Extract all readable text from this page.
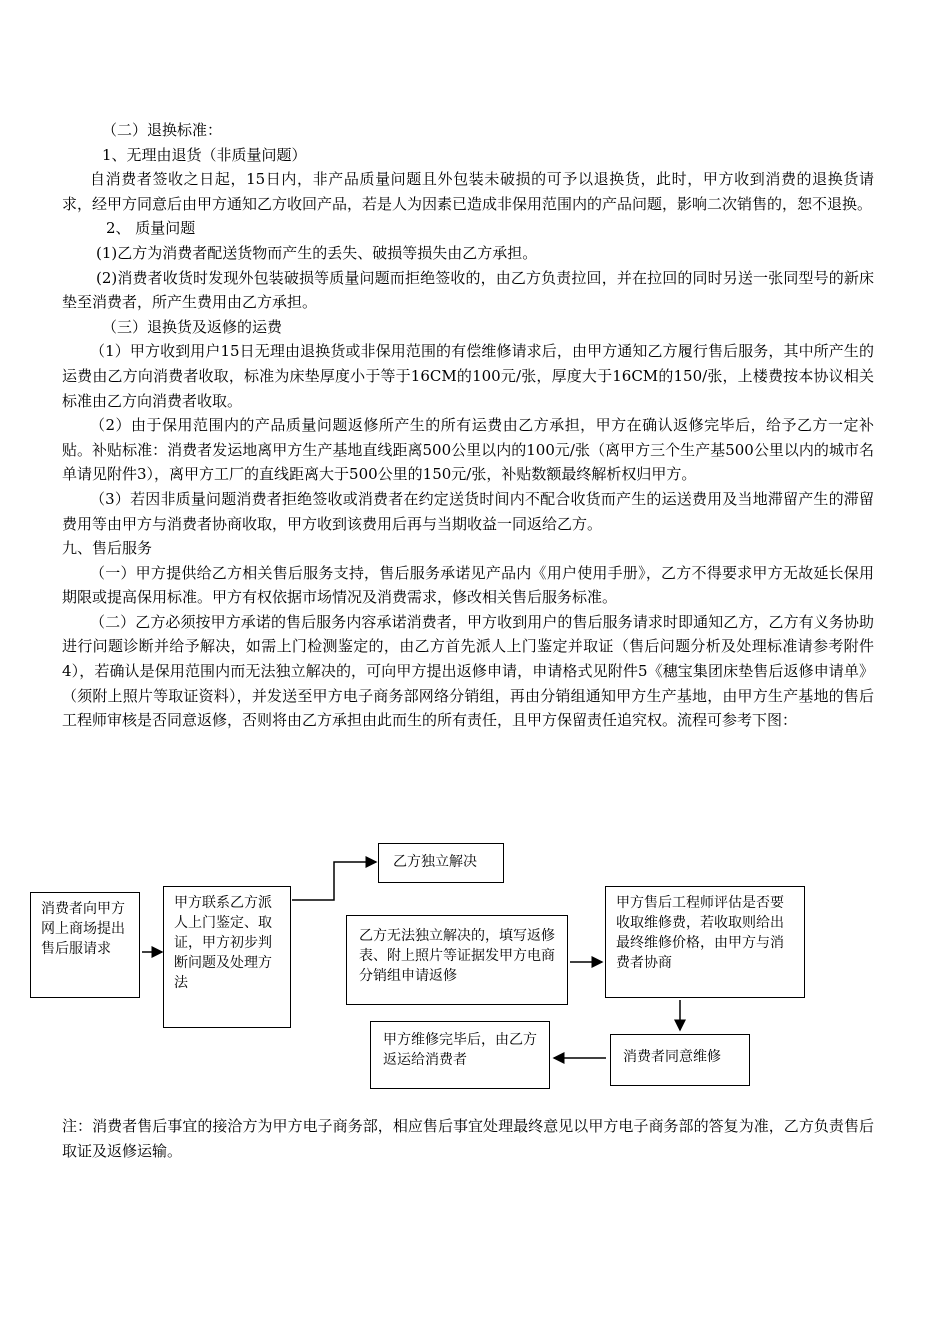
（二）退换标准：

1、无理由退货（非质量问题）

自消费者签收之日起，15日内，非产品质量问题且外包装未破损的可予以退换货，此时，甲方收到消费的退换货请求，经甲方同意后由甲方通知乙方收回产品，若是人为因素已造成非保用范围内的产品问题，影响二次销售的，恕不退换。

2、 质量问题

(1)乙方为消费者配送货物而产生的丢失、破损等损失由乙方承担。

(2)消费者收货时发现外包装破损等质量问题而拒绝签收的，由乙方负责拉回，并在拉回的同时另送一张同型号的新床垫至消费者，所产生费用由乙方承担。

（三）退换货及返修的运费

（1）甲方收到用户15日无理由退换货或非保用范围的有偿维修请求后，由甲方通知乙方履行售后服务，其中所产生的运费由乙方向消费者收取，标准为床垫厚度小于等于16CM的100元/张，厚度大于16CM的150/张，上楼费按本协议相关标准由乙方向消费者收取。

（2）由于保用范围内的产品质量问题返修所产生的所有运费由乙方承担，甲方在确认返修完毕后，给予乙方一定补贴。补贴标准：消费者发运地离甲方生产基地直线距离500公里以内的100元/张（离甲方三个生产基500公里以内的城市名单请见附件3），离甲方工厂的直线距离大于500公里的150元/张，补贴数额最终解析权归甲方。

（3）若因非质量问题消费者拒绝签收或消费者在约定送货时间内不配合收货而产生的运送费用及当地滞留产生的滞留费用等由甲方与消费者协商收取，甲方收到该费用后再与当期收益一同返给乙方。

九、售后服务

（一）甲方提供给乙方相关售后服务支持，售后服务承诺见产品内《用户使用手册》，乙方不得要求甲方无故延长保用期限或提高保用标准。甲方有权依据市场情况及消费需求，修改相关售后服务标准。

（二）乙方必须按甲方承诺的售后服务内容承诺消费者，甲方收到用户的售后服务请求时即通知乙方，乙方有义务协助进行问题诊断并给予解决，如需上门检测鉴定的，由乙方首先派人上门鉴定并取证（售后问题分析及处理标准请参考附件4），若确认是保用范围内而无法独立解决的，可向甲方提出返修申请，申请格式见附件5《穗宝集团床垫售后返修申请单》（须附上照片等取证资料），并发送至甲方电子商务部网络分销组，再由分销组通知甲方生产基地，由甲方生产基地的售后工程师审核是否同意返修，否则将由乙方承担由此而生的所有责任，且甲方保留责任追究权。流程可参考下图：

消费者向甲方网上商场提出售后服请求
甲方联系乙方派人上门鉴定、取证，甲方初步判断问题及处理方法
乙方独立解决
乙方无法独立解决的，填写返修表、附上照片等证据发甲方电商分销组申请返修
甲方售后工程师评估是否要收取维修费，若收取则给出最终维修价格，由甲方与消费者协商
消费者同意维修
甲方维修完毕后，由乙方返运给消费者

注：消费者售后事宜的接洽方为甲方电子商务部，相应售后事宜处理最终意见以甲方电子商务部的答复为准，乙方负责售后取证及返修运输。
